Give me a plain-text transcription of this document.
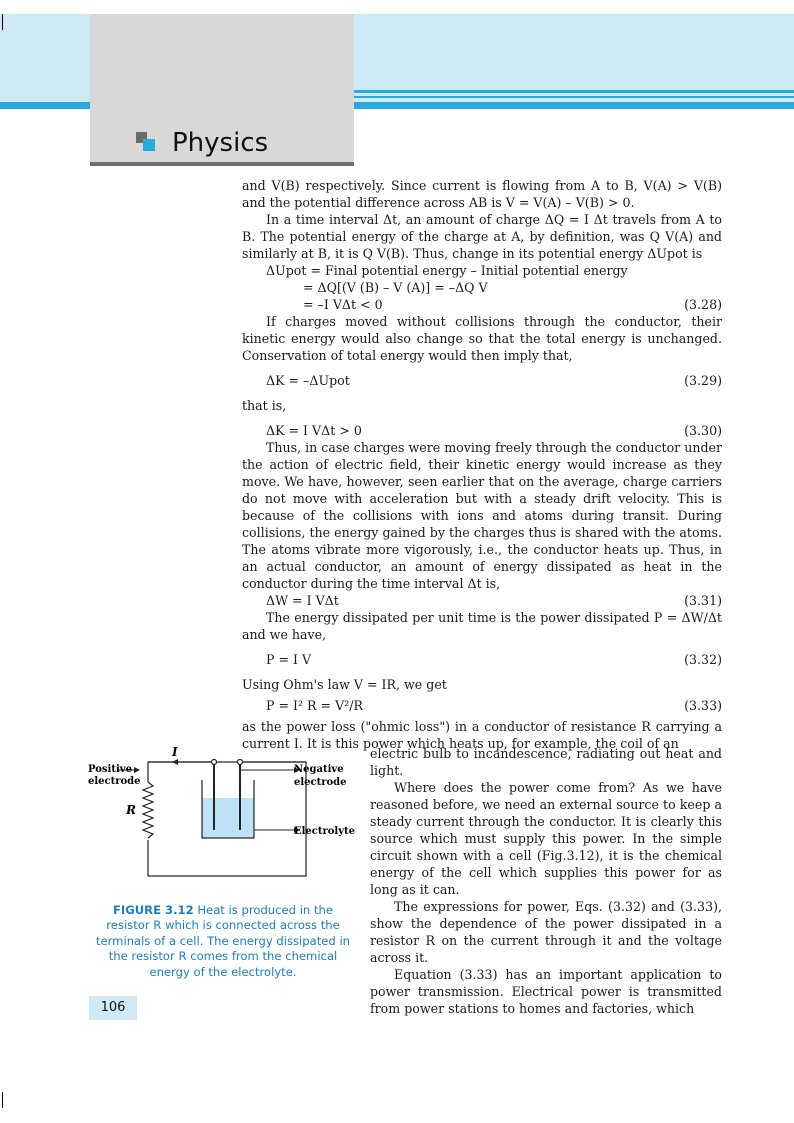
Physics

and V(B) respectively. Since current is flowing from A to B, V(A) > V(B) and the potential difference across AB is V = V(A) – V(B) > 0.

In a time interval Δt, an amount of charge ΔQ = I Δt travels from A to B. The potential energy of the charge at A, by definition, was Q V(A) and similarly at B, it is Q V(B). Thus, change in its potential energy ΔUpot is

ΔUpot = Final potential energy – Initial potential energy
= ΔQ[(V (B) – V (A)] = –ΔQ V
= –I VΔt < 0	(3.28)

If charges moved without collisions through the conductor, their kinetic energy would also change so that the total energy is unchanged. Conservation of total energy would then imply that,

ΔK = –ΔUpot	(3.29)

that is,

ΔK = I VΔt > 0	(3.30)

Thus, in case charges were moving freely through the conductor under the action of electric field, their kinetic energy would increase as they move. We have, however, seen earlier that on the average, charge carriers do not move with acceleration but with a steady drift velocity. This is because of the collisions with ions and atoms during transit. During collisions, the energy gained by the charges thus is shared with the atoms. The atoms vibrate more vigorously, i.e., the conductor heats up. Thus, in an actual conductor, an amount of energy dissipated as heat in the conductor during the time interval Δt is,

ΔW = I VΔt	(3.31)

The energy dissipated per unit time is the power dissipated P = ΔW/Δt and we have,

P = I V	(3.32)

Using Ohm's law V = IR, we get

P = I² R = V²/R	(3.33)

as the power loss ("ohmic loss") in a conductor of resistance R carrying a current I. It is this power which heats up, for example, the coil of an

electric bulb to incandescence, radiating out heat and light.

Where does the power come from? As we have reasoned before, we need an external source to keep a steady current through the conductor. It is clearly this source which must supply this power. In the simple circuit shown with a cell (Fig.3.12), it is the chemical energy of the cell which supplies this power for as long as it can.

The expressions for power, Eqs. (3.32) and (3.33), show the dependence of the power dissipated in a resistor R on the current through it and the voltage across it.

Equation (3.33) has an important application to power transmission. Electrical power is transmitted from power stations to homes and factories, which

I
Positive
electrode
Negative
electrode
R
Electrolyte
FIGURE 3.12 Heat is produced in the resistor R which is connected across the terminals of a cell. The energy dissipated in the resistor R comes from the chemical energy of the electrolyte.
106
